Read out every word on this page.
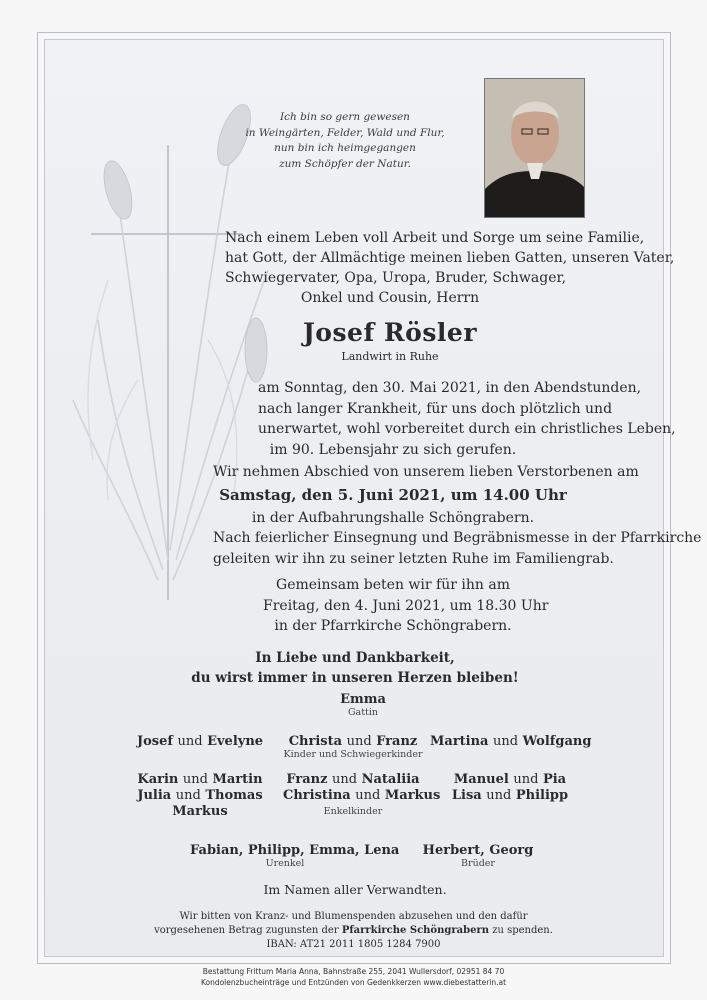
Ich bin so gern gewesen
in Weingärten, Felder, Wald und Flur,
nun bin ich heimgegangen
zum Schöpfer der Natur.
Nach einem Leben voll Arbeit und Sorge um seine Familie,
hat Gott, der Allmächtige meinen lieben Gatten, unseren Vater,
Schwiegervater, Opa, Uropa, Bruder, Schwager,
Onkel und Cousin, Herrn
Josef Rösler
Landwirt in Ruhe
am Sonntag, den 30. Mai 2021, in den Abendstunden,
nach langer Krankheit, für uns doch plötzlich und
unerwartet, wohl vorbereitet durch ein christliches Leben,
im 90. Lebensjahr zu sich gerufen.
Wir nehmen Abschied von unserem lieben Verstorbenen am
Samstag, den 5. Juni 2021, um 14.00 Uhr
in der Aufbahrungshalle Schöngrabern.
Nach feierlicher Einsegnung und Begräbnismesse in der Pfarrkirche
geleiten wir ihn zu seiner letzten Ruhe im Familiengrab.
Gemeinsam beten wir für ihn am
Freitag, den 4. Juni 2021, um 18.30 Uhr
in der Pfarrkirche Schöngrabern.
In Liebe und Dankbarkeit,
du wirst immer in unseren Herzen bleiben!
Emma
Gattin
Josef und Evelyne	Christa und Franz
Kinder und Schwiegerkinder
Martina und Wolfgang
Karin und Martin
Julia und Thomas
Markus
Franz und Nataliia
Christina und Markus
Enkelkinder
Manuel und Pia
Lisa und Philipp
Fabian, Philipp, Emma, Lena
Urenkel
Herbert, Georg
Brüder
Im Namen aller Verwandten.
Wir bitten von Kranz- und Blumenspenden abzusehen und den dafür
vorgesehenen Betrag zugunsten der Pfarrkirche Schöngrabern zu spenden.
IBAN: AT21 2011 1805 1284 7900
Bestattung Frittum Maria Anna, Bahnstraße 255, 2041 Wullersdorf, 02951 84 70
Kondolenzbucheinträge und Entzünden von Gedenkkerzen www.diebestatterin.at
